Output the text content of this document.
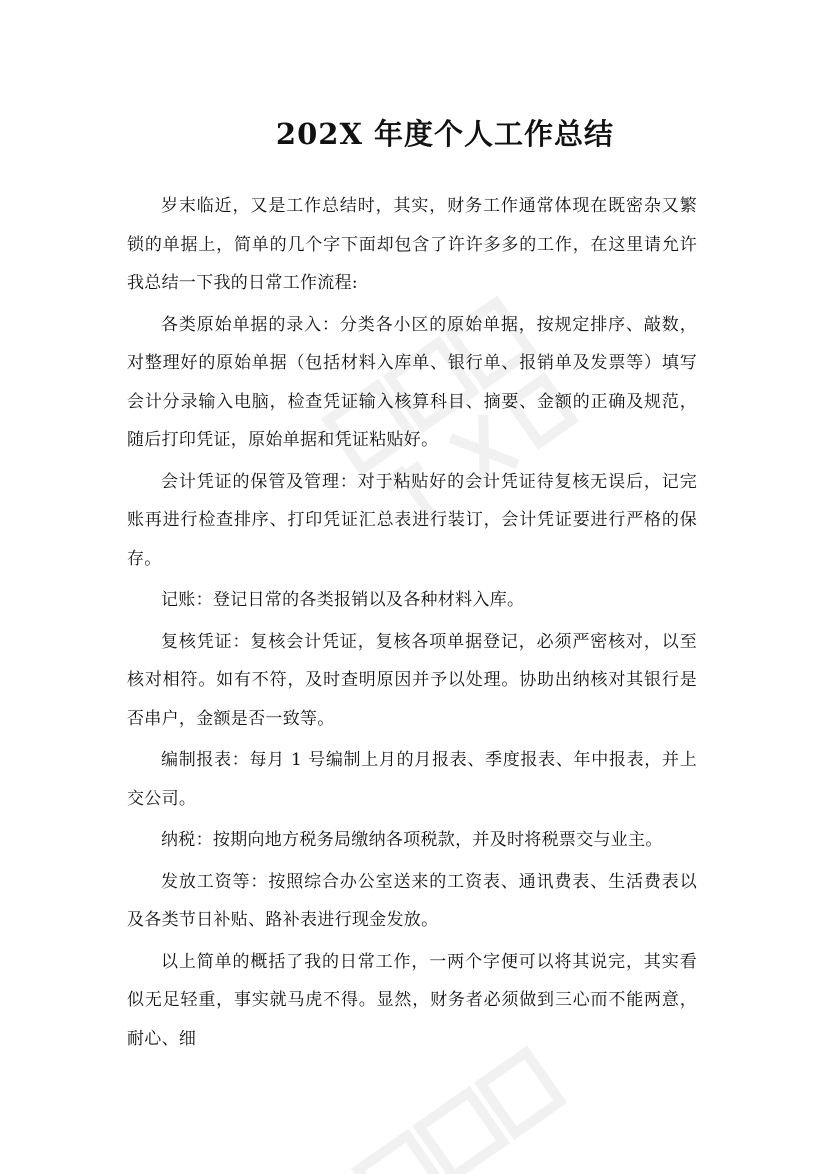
202X 年度个人工作总结

岁末临近，又是工作总结时，其实，财务工作通常体现在既密杂又繁锁的单据上，简单的几个字下面却包含了许许多多的工作，在这里请允许我总结一下我的日常工作流程:

各类原始单据的录入：分类各小区的原始单据，按规定排序、敲数，对整理好的原始单据（包括材料入库单、银行单、报销单及发票等）填写会计分录输入电脑，检查凭证输入核算科目、摘要、金额的正确及规范，随后打印凭证，原始单据和凭证粘贴好。

会计凭证的保管及管理：对于粘贴好的会计凭证待复核无误后，记完账再进行检查排序、打印凭证汇总表进行装订，会计凭证要进行严格的保存。

记账：登记日常的各类报销以及各种材料入库。

复核凭证：复核会计凭证，复核各项单据登记，必须严密核对，以至核对相符。如有不符，及时查明原因并予以处理。协助出纳核对其银行是否串户，金额是否一致等。

编制报表：每月 1 号编制上月的月报表、季度报表、年中报表，并上交公司。

纳税：按期向地方税务局缴纳各项税款，并及时将税票交与业主。

发放工资等：按照综合办公室送来的工资表、通讯费表、生活费表以及各类节日补贴、路补表进行现金发放。

以上简单的概括了我的日常工作，一两个字便可以将其说完，其实看似无足轻重，事实就马虎不得。显然，财务者必须做到三心而不能两意，耐心、细
